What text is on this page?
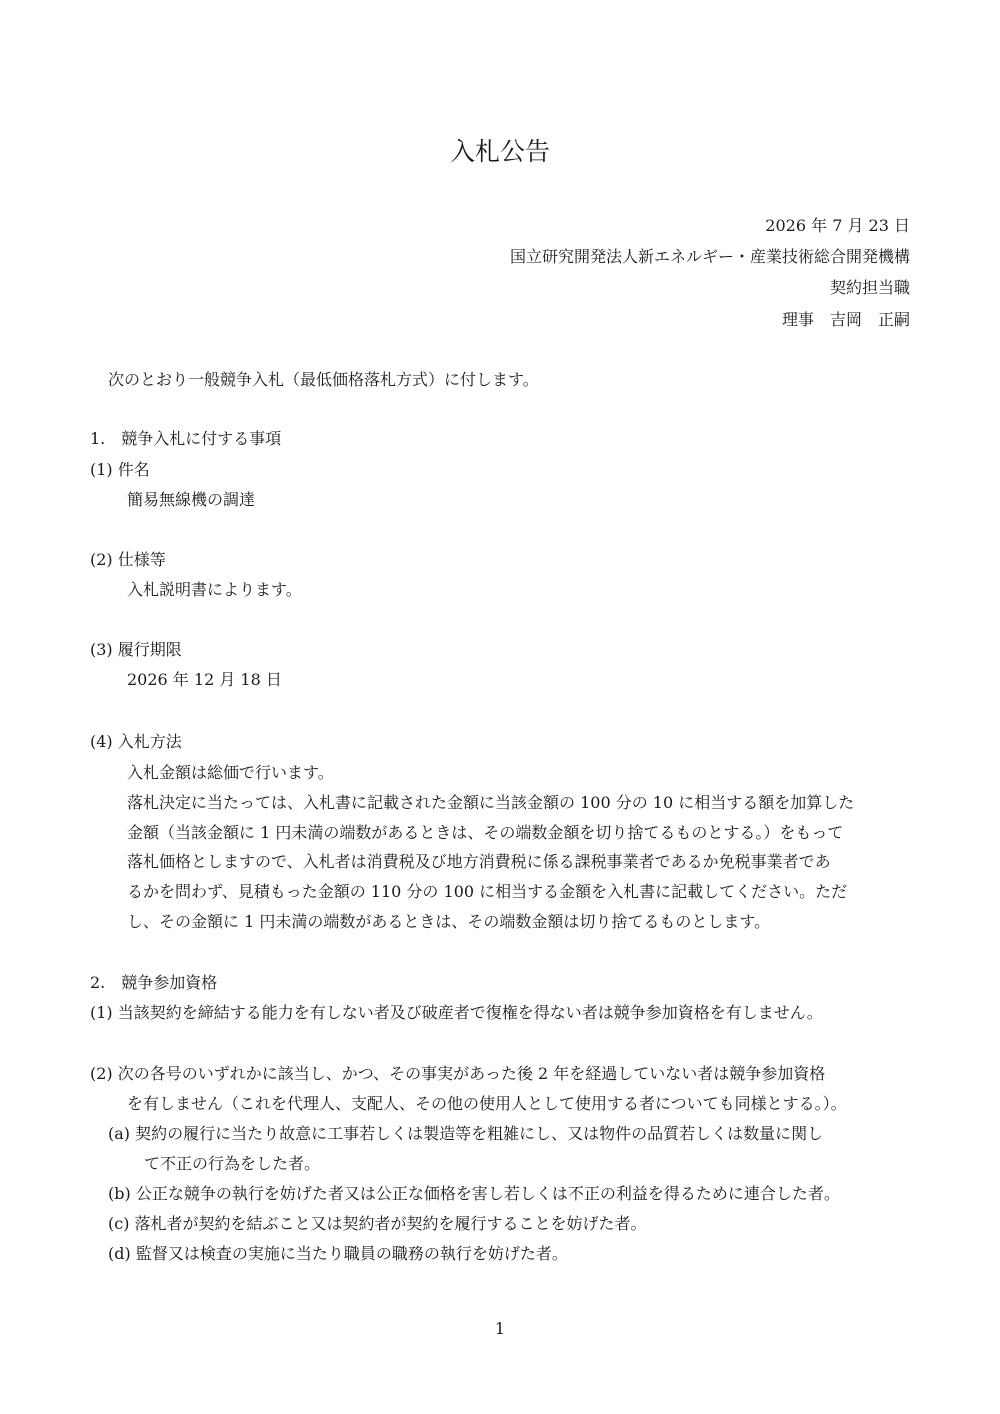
入札公告
2026 年 7 月 23 日
国立研究開発法人新エネルギー・産業技術総合開発機構
契約担当職
理事　吉岡　正嗣

次のとおり一般競争入札（最低価格落札方式）に付します。

1.　競争入札に付する事項
(1) 件名
簡易無線機の調達
(2) 仕様等
入札説明書によります。
(3) 履行期限
2026 年 12 月 18 日
(4) 入札方法
入札金額は総価で行います。
落札決定に当たっては、入札書に記載された金額に当該金額の 100 分の 10 に相当する額を加算した
金額（当該金額に 1 円未満の端数があるときは、その端数金額を切り捨てるものとする。）をもって
落札価格としますので、入札者は消費税及び地方消費税に係る課税事業者であるか免税事業者であ
るかを問わず、見積もった金額の 110 分の 100 に相当する金額を入札書に記載してください。ただ
し、その金額に 1 円未満の端数があるときは、その端数金額は切り捨てるものとします。
2.　競争参加資格
(1) 当該契約を締結する能力を有しない者及び破産者で復権を得ない者は競争参加資格を有しません。
(2) 次の各号のいずれかに該当し、かつ、その事実があった後 2 年を経過していない者は競争参加資格
を有しません（これを代理人、支配人、その他の使用人として使用する者についても同様とする。）。
(a) 契約の履行に当たり故意に工事若しくは製造等を粗雑にし、又は物件の品質若しくは数量に関し
て不正の行為をした者。
(b) 公正な競争の執行を妨げた者又は公正な価格を害し若しくは不正の利益を得るために連合した者。
(c) 落札者が契約を結ぶこと又は契約者が契約を履行することを妨げた者。
(d) 監督又は検査の実施に当たり職員の職務の執行を妨げた者。
1
